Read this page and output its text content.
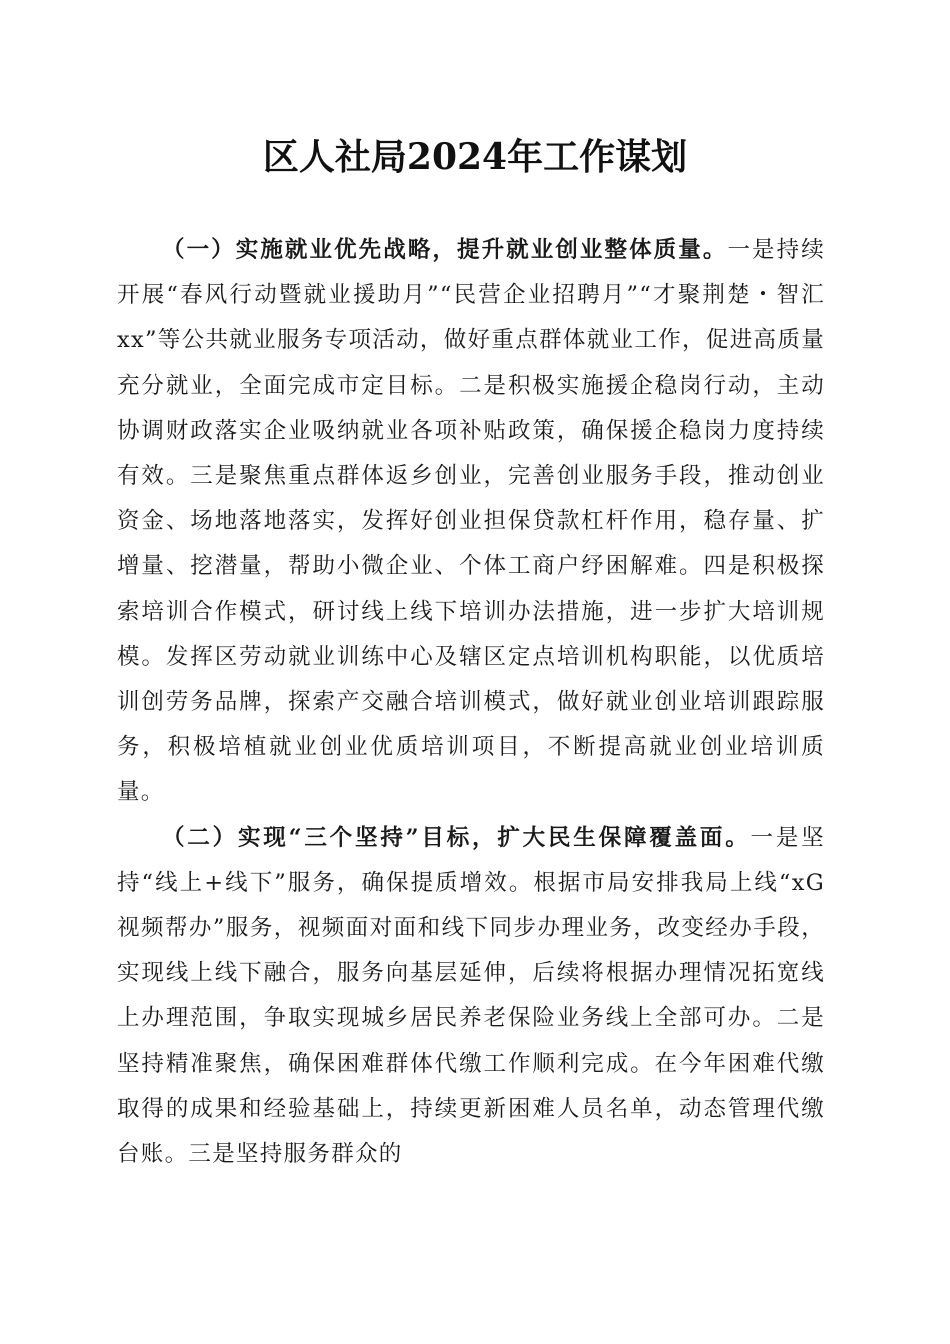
区人社局2024年工作谋划

（一）实施就业优先战略，提升就业创业整体质量。一是持续开展“春风行动暨就业援助月”“民营企业招聘月”“才聚荆楚・智汇xx”等公共就业服务专项活动，做好重点群体就业工作，促进高质量充分就业，全面完成市定目标。二是积极实施援企稳岗行动，主动协调财政落实企业吸纳就业各项补贴政策，确保援企稳岗力度持续有效。三是聚焦重点群体返乡创业，完善创业服务手段，推动创业资金、场地落地落实，发挥好创业担保贷款杠杆作用，稳存量、扩增量、挖潜量，帮助小微企业、个体工商户纾困解难。四是积极探索培训合作模式，研讨线上线下培训办法措施，进一步扩大培训规模。发挥区劳动就业训练中心及辖区定点培训机构职能，以优质培训创劳务品牌，探索产交融合培训模式，做好就业创业培训跟踪服务，积极培植就业创业优质培训项目，不断提高就业创业培训质量。

（二）实现“三个坚持”目标，扩大民生保障覆盖面。一是坚持“线上+线下”服务，确保提质增效。根据市局安排我局上线“xG视频帮办”服务，视频面对面和线下同步办理业务，改变经办手段，实现线上线下融合，服务向基层延伸，后续将根据办理情况拓宽线上办理范围，争取实现城乡居民养老保险业务线上全部可办。二是坚持精准聚焦，确保困难群体代缴工作顺利完成。在今年困难代缴取得的成果和经验基础上，持续更新困难人员名单，动态管理代缴台账。三是坚持服务群众的
